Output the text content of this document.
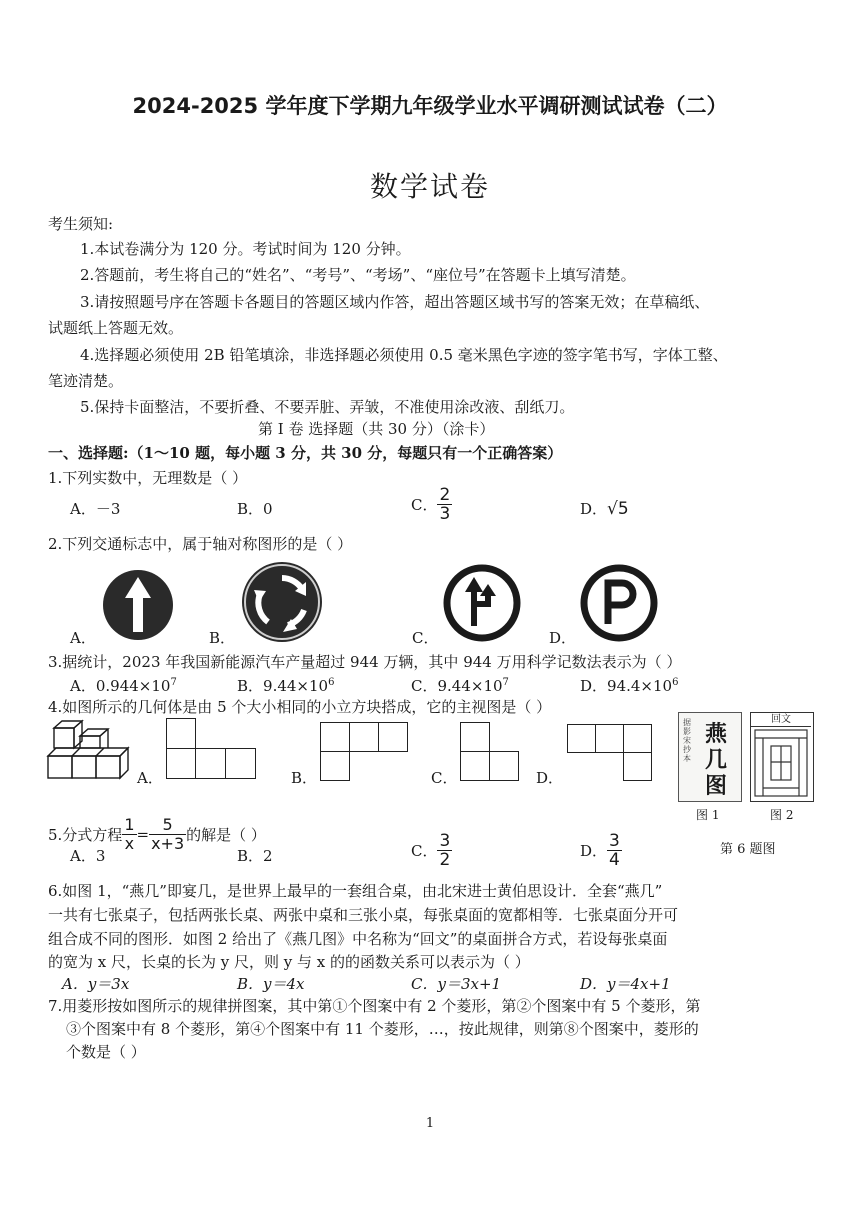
2024-2025 学年度下学期九年级学业水平调研测试试卷（二）
数学试卷
考生须知:
1.本试卷满分为 120 分。考试时间为 120 分钟。
2.答题前，考生将自己的“姓名”、“考号”、“考场”、“座位号”在答题卡上填写清楚。
3.请按照题号序在答题卡各题目的答题区域内作答，超出答题区域书写的答案无效；在草稿纸、
试题纸上答题无效。
4.选择题必须使用 2B 铅笔填涂，非选择题必须使用 0.5 毫米黑色字迹的签字笔书写，字体工整、
笔迹清楚。
5.保持卡面整洁，不要折叠、不要弄脏、弄皱，不准使用涂改液、刮纸刀。
第 I 卷 选择题（共 30 分）（涂卡）
一、选择题:（1～10 题，每小题 3 分，共 30 分，每题只有一个正确答案）
1.下列实数中，无理数是（ ）
A．－3	B．0	C． $\frac{2}{3}$	D．√5
2.下列交通标志中，属于轴对称图形的是（ ）
A．	B．	C．	D．
3.据统计，2023 年我国新能源汽车产量超过 944 万辆，其中 944 万用科学记数法表示为（ ）
A．$0.944\times 10^7$	B．$9.44\times 10^6$	C．$9.44\times 10^7$	D．$94.4\times 10^6$
4.如图所示的几何体是由 5 个大小相同的小立方块搭成，它的主视图是（ ）
A．	B．	C．	D．
据影宋抄本
燕
几
图
回文
图 1	图 2
第 6 题图
5.分式方程 $\frac{1}{x} = \frac{5}{x+3}$ 的解是（ ）
A．3	B．2	C． $\frac{3}{2}$	D． $\frac{3}{4}$
6.如图 1，“燕几”即宴几，是世界上最早的一套组合桌，由北宋进士黄伯思设计．全套“燕几”
一共有七张桌子，包括两张长桌、两张中桌和三张小桌，每张桌面的宽都相等．七张桌面分开可
组合成不同的图形．如图 2 给出了《燕几图》中名称为“回文”的桌面拼合方式，若设每张桌面
的宽为 x 尺，长桌的长为 y 尺，则 y 与 x 的的函数关系可以表示为（ ）
A．y＝3x	B．y＝4x	C．y＝3x+1	D．y＝4x+1
7.用菱形按如图所示的规律拼图案，其中第①个图案中有 2 个菱形，第②个图案中有 5 个菱形，第
③个图案中有 8 个菱形，第④个图案中有 11 个菱形，…，按此规律，则第⑧个图案中，菱形的
个数是（ ）
1
